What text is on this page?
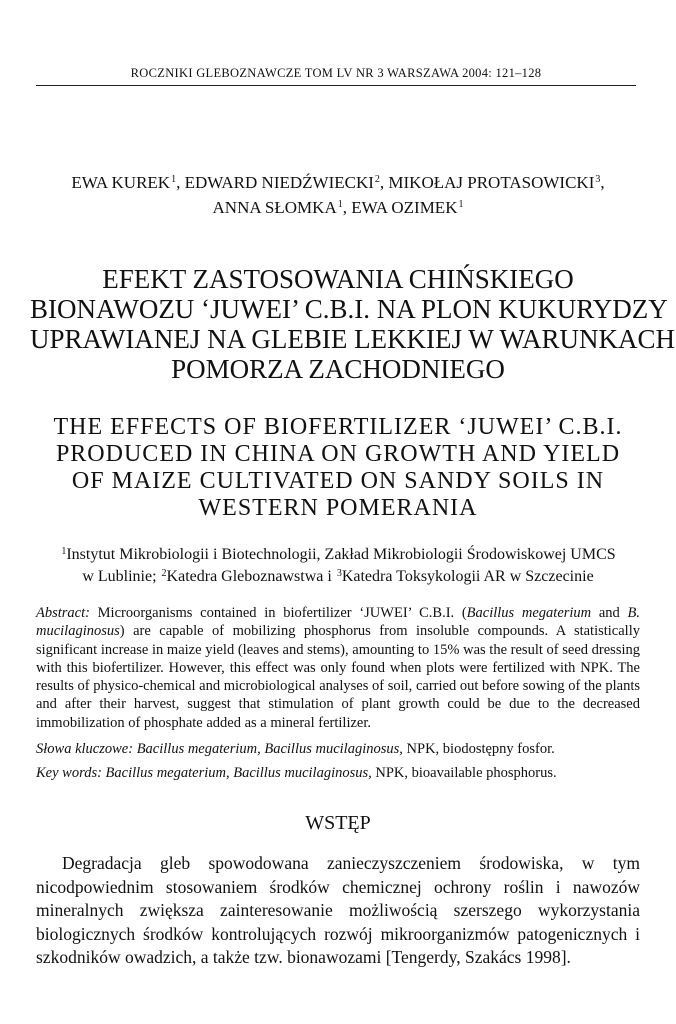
ROCZNIKI GLEBOZNAWCZE TOM LV NR 3 WARSZAWA 2004: 121–128
EWA KUREK$^1$, EDWARD NIEDŹWIECKI$^2$, MIKOŁAJ PROTASOWICKI$^3$,
ANNA SŁOMKA$^1$, EWA OZIMEK$^1$
EFEKT ZASTOSOWANIA CHIŃSKIEGO
BIONAWOZU ‘JUWEI’ C.B.I. NA PLON KUKURYDZY
UPRAWIANEJ NA GLEBIE LEKKIEJ W WARUNKACH
POMORZA ZACHODNIEGO
THE EFFECTS OF BIOFERTILIZER ‘JUWEI’ C.B.I.
PRODUCED IN CHINA ON GROWTH AND YIELD
OF MAIZE CULTIVATED ON SANDY SOILS IN
WESTERN POMERANIA
$^1$Instytut Mikrobiologii i Biotechnologii, Zakład Mikrobiologii Środowiskowej UMCS
w Lublinie; $^2$Katedra Gleboznawstwa i $^3$Katedra Toksykologii AR w Szczecinie
Abstract: Microorganisms contained in biofertilizer ‘JUWEI’ C.B.I. (Bacillus megaterium and B. mucilaginosus) are capable of mobilizing phosphorus from insoluble compounds. A statistically significant increase in maize yield (leaves and stems), amounting to 15% was the result of seed dressing with this biofertilizer. However, this effect was only found when plots were fertilized with NPK. The results of physico-chemical and microbiological analyses of soil, carried out before sowing of the plants and after their harvest, suggest that stimulation of plant growth could be due to the decreased immobilization of phosphate added as a mineral fertilizer.
Słowa kluczowe: Bacillus megaterium, Bacillus mucilaginosus, NPK, biodostępny fosfor.
Key words: Bacillus megaterium, Bacillus mucilaginosus, NPK, bioavailable phosphorus.
WSTĘP
Degradacja gleb spowodowana zanieczyszczeniem środowiska, w tym nicodpowiednim stosowaniem środków chemicznej ochrony roślin i nawozów mineralnych zwiększa zainteresowanie możliwością szerszego wykorzystania biologicznych środków kontrolujących rozwój mikroorganizmów patogenicznych i szkodników owadzich, a także tzw. bionawozami [Tengerdy, Szakács 1998].
